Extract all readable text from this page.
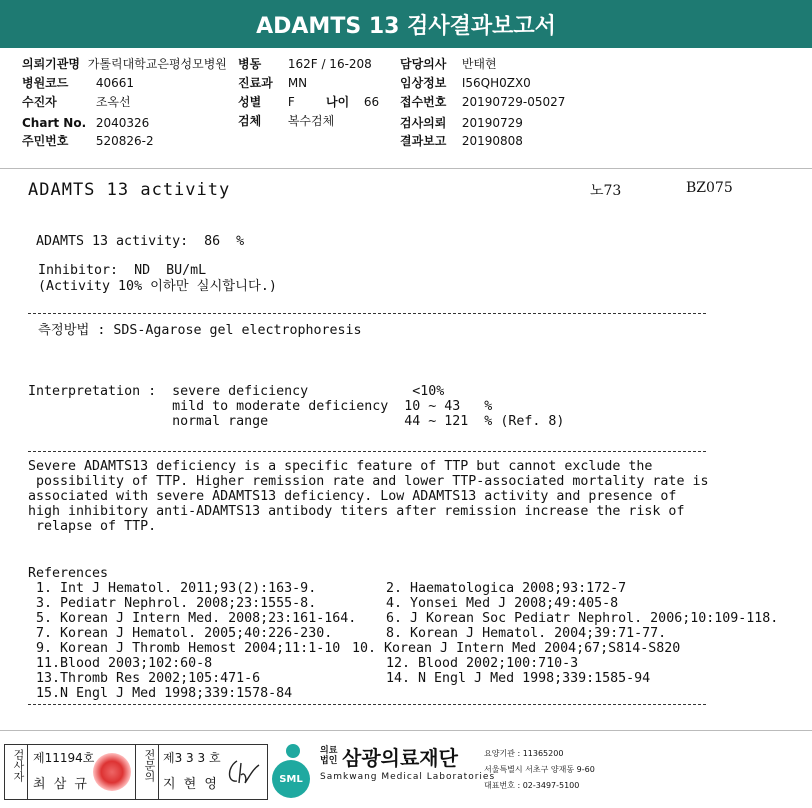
ADAMTS 13 검사결과보고서
의뢰기관명 가톨릭대학교은평성모병원
병원코드 40661
수진자	조옥선
Chart No. 2040326
주민번호 520826-2
병동 162F / 16-208
진료과 MN
성별 F	나이 66
검체 복수검체
담당의사 반태현
임상정보 I56QH0ZX0
접수번호 20190729-05027
검사의뢰 20190729
결과보고 20190808
ADAMTS 13 activity	노73	BZ075
ADAMTS 13 activity:  86  %
Inhibitor:  ND  BU/mL
(Activity 10% 이하만 실시합니다.)
측정방법 : SDS-Agarose gel electrophoresis
Interpretation :  severe deficiency             <10%
mild to moderate deficiency  10 ~ 43   %
normal range                 44 ~ 121  % (Ref. 8)
Severe ADAMTS13 deficiency is a specific feature of TTP but cannot exclude the
possibility of TTP. Higher remission rate and lower TTP-associated mortality rate is
associated with severe ADAMTS13 deficiency. Low ADAMTS13 activity and presence of
high inhibitory anti-ADAMTS13 antibody titers after remission increase the risk of
relapse of TTP.
References
1. Int J Hematol. 2011;93(2):163-9.
3. Pediatr Nephrol. 2008;23:1555-8.
5. Korean J Intern Med. 2008;23:161-164.
7. Korean J Hematol. 2005;40:226-230.
9. Korean J Thromb Hemost 2004;11:1-10
11.Blood 2003;102:60-8
13.Thromb Res 2002;105:471-6
15.N Engl J Med 1998;339:1578-84
2. Haematologica 2008;93:172-7
4. Yonsei Med J 2008;49:405-8
6. J Korean Soc Pediatr Nephrol. 2006;10:109-118.
8. Korean J Hematol. 2004;39:71-77.
10. Korean J Intern Med 2004;67;S814-S820
12. Blood 2002;100:710-3
14. N Engl J Med 1998;339:1585-94
검사자 제11194호
최 삼 규
전문의 제3 3 3 호
지 현 영	SML
의료
법인 삼광의료재단
Samkwang Medical Laboratories
요양기관 : 11365200
서울특별시 서초구 양재동 9-60
대표번호 : 02-3497-5100
